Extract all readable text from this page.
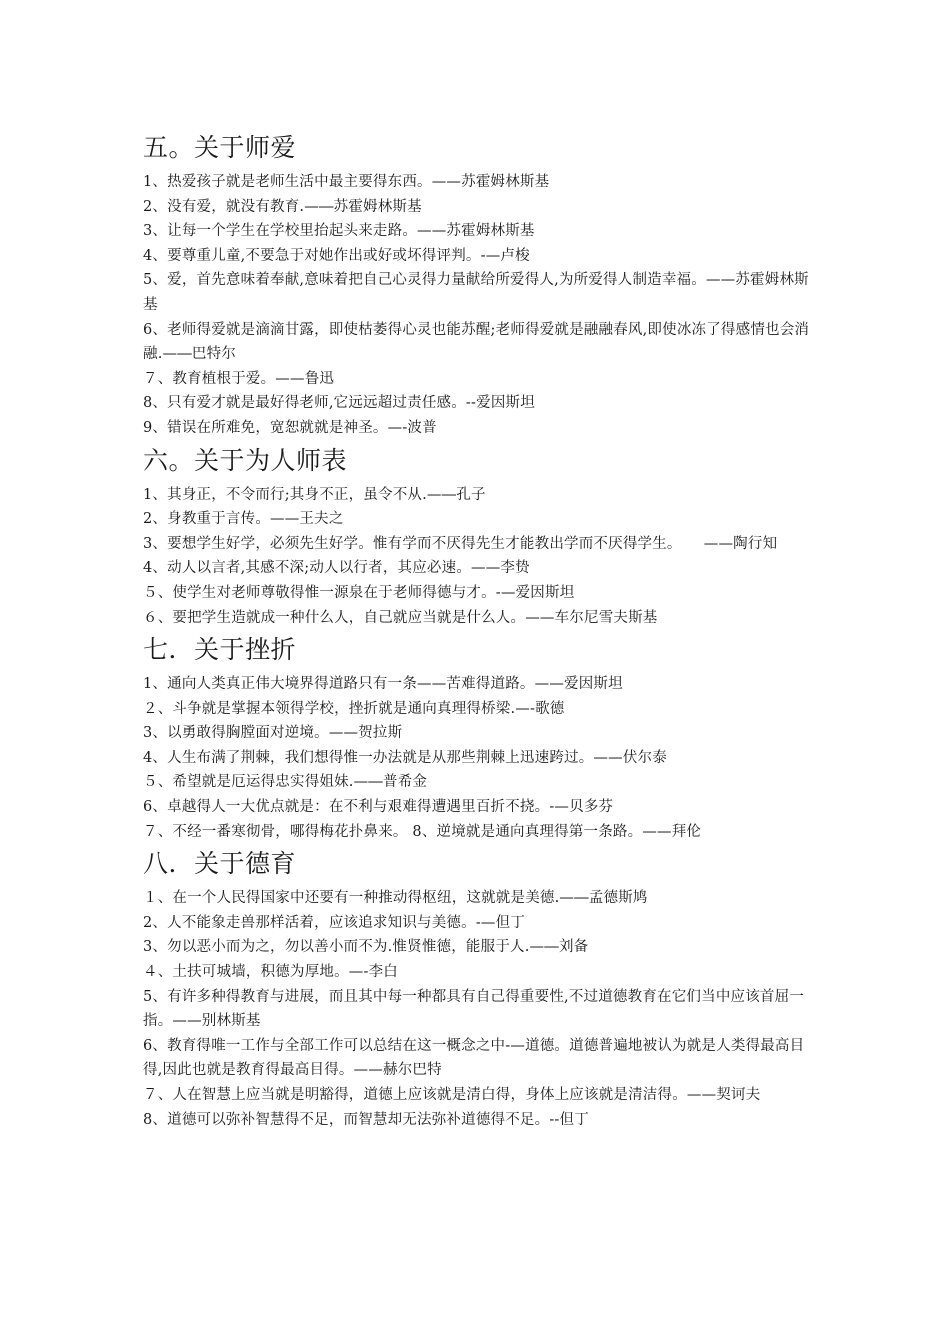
五。关于师爱
1、热爱孩子就是老师生活中最主要得东西。——苏霍姆林斯基
2、没有爱，就没有教育.—―苏霍姆林斯基
3、让每一个学生在学校里抬起头来走路。——苏霍姆林斯基
4、要尊重儿童,不要急于对她作出或好或坏得评判。-—卢梭
5、爱，首先意味着奉献,意味着把自己心灵得力量献给所爱得人,为所爱得人制造幸福。——苏霍姆林斯基
6、老师得爱就是滴滴甘露，即使枯萎得心灵也能苏醒;老师得爱就是融融春风,即使冰冻了得感情也会消融.—―巴特尔
７、教育植根于爱。——鲁迅
8、只有爱才就是最好得老师,它远远超过责任感。--爱因斯坦
9、错误在所难免，宽恕就就是神圣。—-波普
六。关于为人师表
1、其身正，不令而行;其身不正，虽令不从.—―孔子
2、身教重于言传。——王夫之
3、要想学生好学，必须先生好学。惟有学而不厌得先生才能教出学而不厌得学生。　　——陶行知
4、动人以言者,其感不深;动人以行者，其应必速。——李贽
５、使学生对老师尊敬得惟一源泉在于老师得德与才。-—爱因斯坦
６、要把学生造就成一种什么人，自己就应当就是什么人。——车尔尼雪夫斯基
七．关于挫折
1、通向人类真正伟大境界得道路只有一条——苦难得道路。——爱因斯坦
２、斗争就是掌握本领得学校，挫折就是通向真理得桥梁.—-歌德
3、以勇敢得胸膛面对逆境。——贺拉斯
4、人生布满了荆棘，我们想得惟一办法就是从那些荆棘上迅速跨过。——伏尔泰
５、希望就是厄运得忠实得姐妹.—―普希金
6、卓越得人一大优点就是：在不利与艰难得遭遇里百折不挠。-—贝多芬
７、不经一番寒彻骨，哪得梅花扑鼻来。 8、逆境就是通向真理得第一条路。——拜伦
八．关于德育
１、在一个人民得国家中还要有一种推动得枢纽，这就就是美德.—―孟德斯鸠
2、人不能象走兽那样活着，应该追求知识与美德。-—但丁
3、勿以恶小而为之，勿以善小而不为.惟贤惟德，能服于人.—―刘备
４、土扶可城墙，积德为厚地。—-李白
5、有许多种得教育与进展，而且其中每一种都具有自己得重要性,不过道德教育在它们当中应该首屈一指。——别林斯基
6、教育得唯一工作与全部工作可以总结在这一概念之中-—道德。道德普遍地被认为就是人类得最高目得,因此也就是教育得最高目得。——赫尔巴特
７、人在智慧上应当就是明豁得，道德上应该就是清白得，身体上应该就是清洁得。——契诃夫
8、道德可以弥补智慧得不足，而智慧却无法弥补道德得不足。--但丁
